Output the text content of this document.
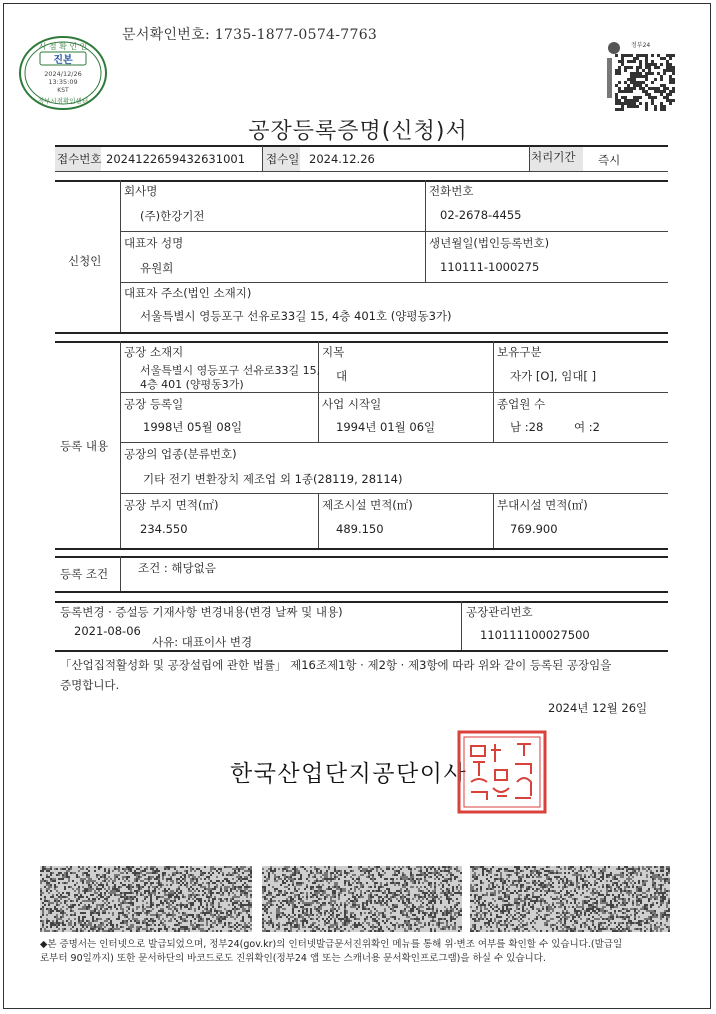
문서확인번호: 1735-1877-0574-7763
시 점 확 인 인
진본
2024/12/26
13:35:09
KST
정부시점확인센터
정부24
공장등록증명(신청)서
접수번호 2024122659432631001 접수일 2024.12.26	처리기간 즉시
신청인
회사명
(주)한강기전
전화번호
02-2678-4455
대표자 성명
유원희
생년월일(법인등록번호)
110111-1000275
대표자 주소(법인 소재지)
서울특별시 영등포구 선유로33길 15, 4층 401호 (양평동3가)
등록 내용
공장 소재지
서울특별시 영등포구 선유로33길 15,
4층 401 (양평동3가)
지목
대
보유구분
자가 [O], 임대[ ]
공장 등록일
1998년 05월 08일
사업 시작일
1994년 01월 06일
종업원 수
남 :28	여 :2
공장의 업종(분류번호)
기타 전기 변환장치 제조업 외 1종(28119, 28114)
공장 부지 면적(㎡)
234.550
제조시설 면적(㎡)
489.150
부대시설 면적(㎡)
769.900
등록 조건	조건 : 해당없음
등록변경 · 증설등 기재사항 변경내용(변경 날짜 및 내용)
2021-08-06
사유: 대표이사 변경
공장관리번호
110111100027500
「산업집적활성화 및 공장설립에 관한 법률」 제16조제1항 · 제2항 · 제3항에 따라 위와 같이 등록된 공장임을
증명합니다.
2024년 12월 26일
한국산업단지공단이사
◆본 증명서는 인터넷으로 발급되었으며, 정부24(gov.kr)의 인터넷발급문서진위확인 메뉴를 통해 위·변조 여부를 확인할 수 있습니다.(발급일
로부터 90일까지) 또한 문서하단의 바코드로도 진위확인(정부24 앱 또는 스캐너용 문서확인프로그램)을 하실 수 있습니다.
